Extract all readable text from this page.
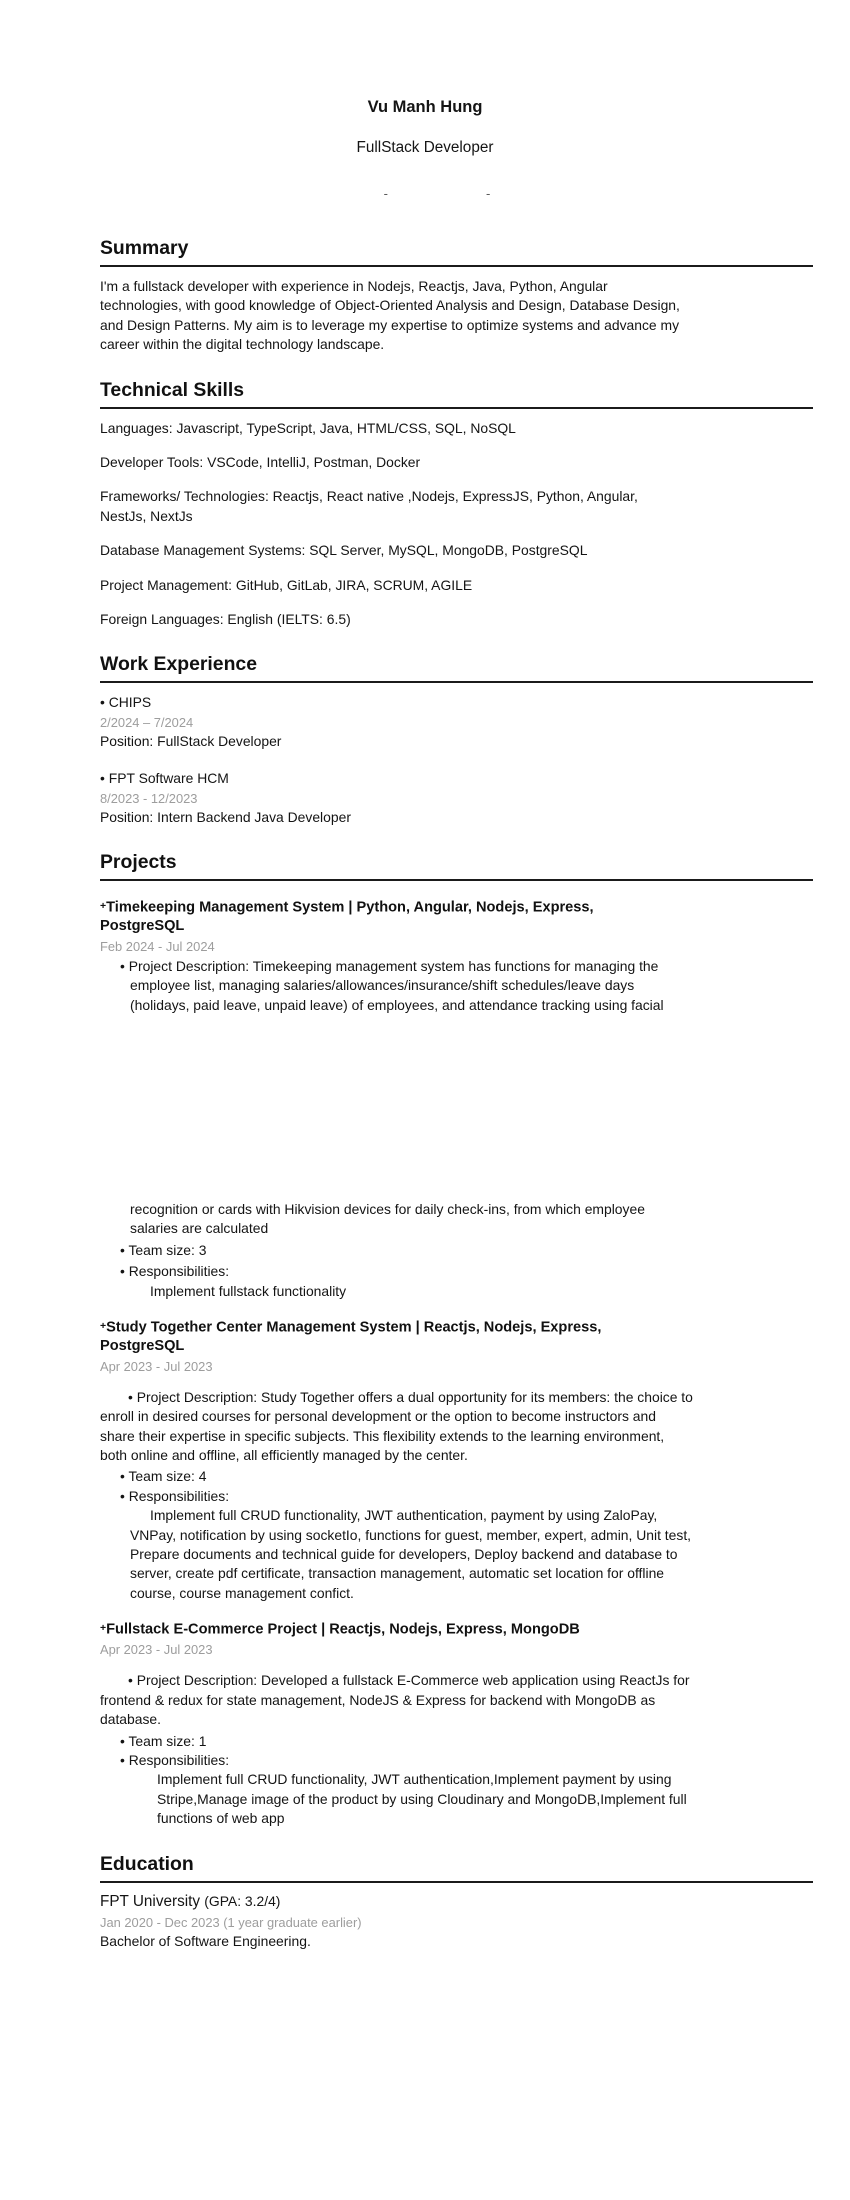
Vu Manh Hung
FullStack Developer
-	-
Summary
I'm a fullstack developer with experience in Nodejs, Reactjs, Java, Python, Angular
technologies, with good knowledge of Object-Oriented Analysis and Design, Database Design,
and Design Patterns. My aim is to leverage my expertise to optimize systems and advance my
career within the digital technology landscape.
Technical Skills
Languages: Javascript, TypeScript, Java, HTML/CSS, SQL, NoSQL
Developer Tools: VSCode, IntelliJ, Postman, Docker
Frameworks/ Technologies: Reactjs, React native ,Nodejs, ExpressJS, Python, Angular,
NestJs, NextJs
Database Management Systems: SQL Server, MySQL, MongoDB, PostgreSQL
Project Management: GitHub, GitLab, JIRA, SCRUM, AGILE
Foreign Languages: English (IELTS: 6.5)
Work Experience
• CHIPS
2/2024 – 7/2024
Position: FullStack Developer
• FPT Software HCM
8/2023 - 12/2023
Position: Intern Backend Java Developer
Projects
+Timekeeping Management System | Python, Angular, Nodejs, Express,
PostgreSQL
Feb 2024 - Jul 2024
• Project Description: Timekeeping management system has functions for managing the
employee list, managing salaries/allowances/insurance/shift schedules/leave days
(holidays, paid leave, unpaid leave) of employees, and attendance tracking using facial
recognition or cards with Hikvision devices for daily check-ins, from which employee
salaries are calculated
• Team size: 3
• Responsibilities:
Implement fullstack functionality
+Study Together Center Management System | Reactjs, Nodejs, Express,
PostgreSQL
Apr 2023 - Jul 2023
• Project Description: Study Together offers a dual opportunity for its members: the choice to
enroll in desired courses for personal development or the option to become instructors and
share their expertise in specific subjects. This flexibility extends to the learning environment,
both online and offline, all efficiently managed by the center.
• Team size: 4
• Responsibilities:
Implement full CRUD functionality, JWT authentication, payment by using ZaloPay,
VNPay, notification by using socketIo, functions for guest, member, expert, admin, Unit test,
Prepare documents and technical guide for developers, Deploy backend and database to
server, create pdf certificate, transaction management, automatic set location for offline
course, course management confict.
+Fullstack E-Commerce Project | Reactjs, Nodejs, Express, MongoDB
Apr 2023 - Jul 2023
• Project Description: Developed a fullstack E-Commerce web application using ReactJs for
frontend & redux for state management, NodeJS & Express for backend with MongoDB as
database.
• Team size: 1
• Responsibilities:
Implement full CRUD functionality, JWT authentication,Implement payment by using
Stripe,Manage image of the product by using Cloudinary and MongoDB,Implement full
functions of web app
Education
FPT University (GPA: 3.2/4)
Jan 2020 - Dec 2023 (1 year graduate earlier)
Bachelor of Software Engineering.
